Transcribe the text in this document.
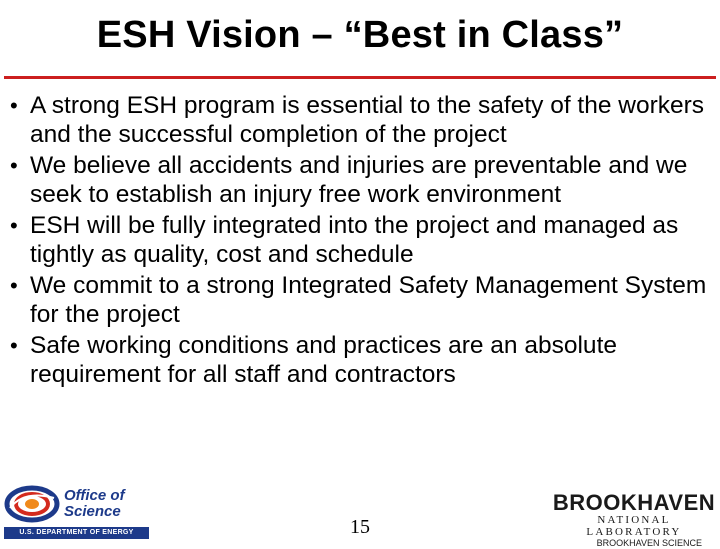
ESH Vision – “Best in Class”
• A strong ESH program is essential to the safety of the workers and the successful completion of the project
• We believe all accidents and injuries are preventable and we seek to establish an injury free work environment
• ESH will be fully integrated into the project and managed as tightly as quality, cost and schedule
• We commit to a strong Integrated Safety Management System for the project
• Safe working conditions and practices are an absolute requirement for all staff and contractors
Office of
Science
U.S. DEPARTMENT OF ENERGY	15
BROOKHAVEN
NATIONAL LABORATORY
BROOKHAVEN SCIENCE
